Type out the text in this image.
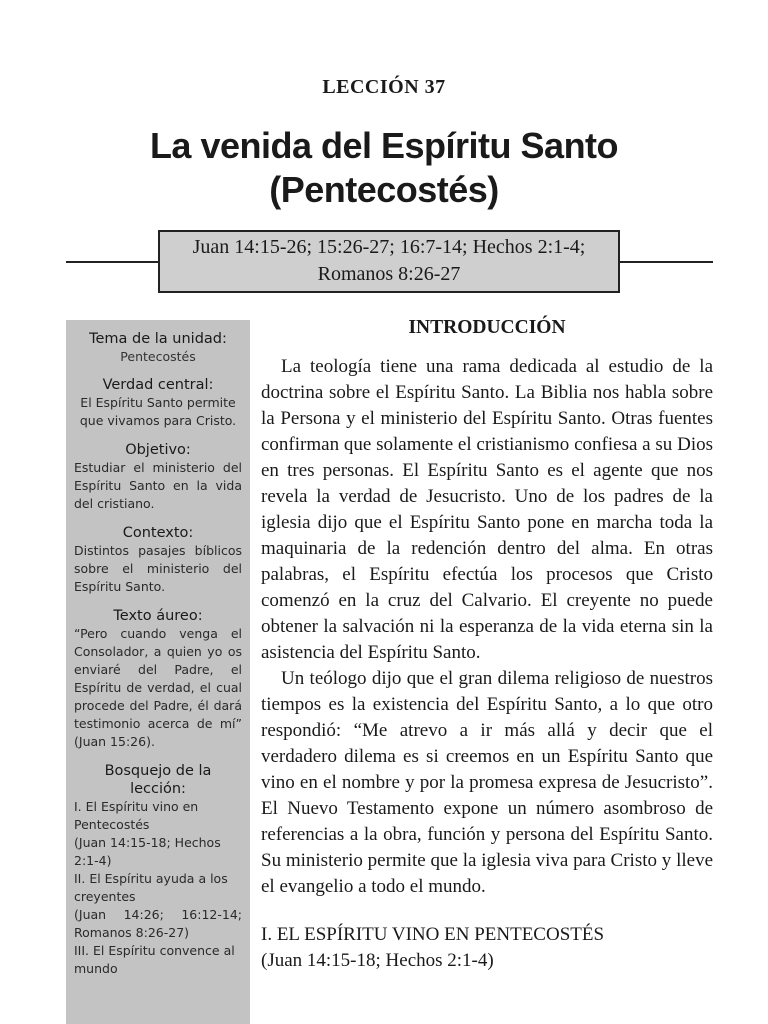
LECCIÓN 37
La venida del Espíritu Santo
(Pentecostés)
Juan 14:15-26; 15:26-27; 16:7-14; Hechos 2:1-4;
Romanos 8:26-27
Tema de la unidad:
Pentecostés
Verdad central:
El Espíritu Santo permite que vivamos para Cristo.
Objetivo:
Estudiar el ministerio del Espíritu Santo en la vida del cristiano.
Contexto:
Distintos pasajes bíblicos sobre el ministerio del Espíritu Santo.
Texto áureo:
“Pero cuando venga el Consolador, a quien yo os enviaré del Padre, el Espíritu de verdad, el cual procede del Padre, él dará testimonio acerca de mí” (Juan 15:26).
Bosquejo de la lección:
I. El Espíritu vino en Pentecostés
(Juan 14:15-18; Hechos 2:1-4)
II. El Espíritu ayuda a los creyentes
(Juan 14:26; 16:12-14; Romanos 8:26-27)
III. El Espíritu convence al mundo
INTRODUCCIÓN

La teología tiene una rama dedicada al estudio de la doctrina sobre el Espíritu Santo. La Biblia nos habla sobre la Persona y el ministerio del Espíritu Santo. Otras fuentes confirman que solamente el cristianismo confiesa a su Dios en tres personas. El Espíritu Santo es el agente que nos revela la verdad de Jesucristo. Uno de los padres de la iglesia dijo que el Espíritu Santo pone en marcha toda la maquinaria de la redención dentro del alma. En otras palabras, el Espíritu efectúa los procesos que Cristo comenzó en la cruz del Calvario. El creyente no puede obtener la salvación ni la esperanza de la vida eterna sin la asistencia del Espíritu Santo.

Un teólogo dijo que el gran dilema religioso de nuestros tiempos es la existencia del Espíritu Santo, a lo que otro respondió: “Me atrevo a ir más allá y decir que el verdadero dilema es si creemos en un Espíritu Santo que vino en el nombre y por la promesa expresa de Jesucristo”. El Nuevo Testamento expone un número asombroso de referencias a la obra, función y persona del Espíritu Santo. Su ministerio permite que la iglesia viva para Cristo y lleve el evangelio a todo el mundo.

I. EL ESPÍRITU VINO EN PENTECOSTÉS
(Juan 14:15-18; Hechos 2:1-4)
